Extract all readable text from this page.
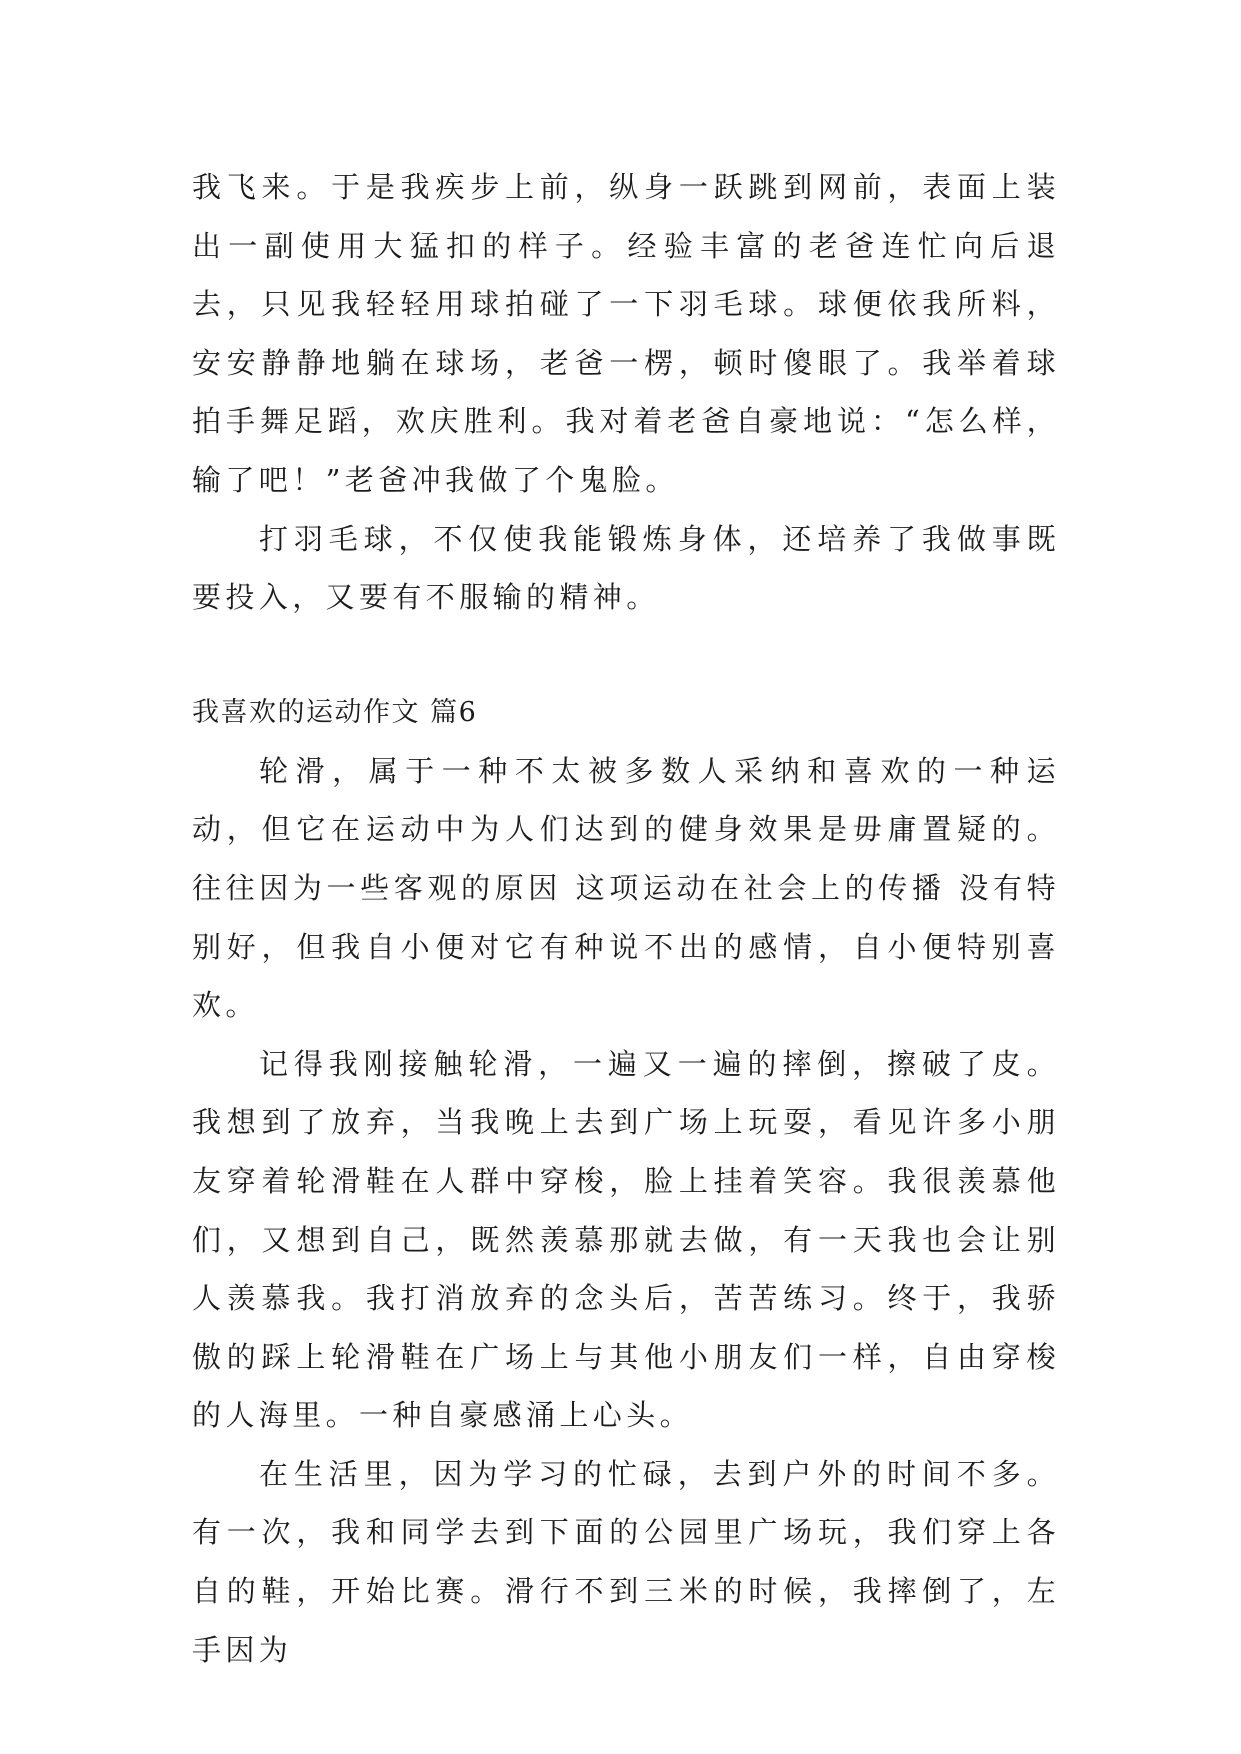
我飞来。于是我疾步上前，纵身一跃跳到网前，表面上装出一副使用大猛扣的样子。经验丰富的老爸连忙向后退去，只见我轻轻用球拍碰了一下羽毛球。球便依我所料，安安静静地躺在球场，老爸一楞，顿时傻眼了。我举着球拍手舞足蹈，欢庆胜利。我对着老爸自豪地说：“怎么样，输了吧！”老爸冲我做了个鬼脸。

打羽毛球，不仅使我能锻炼身体，还培养了我做事既要投入，又要有不服输的精神。

我喜欢的运动作文 篇6

轮滑，属于一种不太被多数人采纳和喜欢的一种运动，但它在运动中为人们达到的健身效果是毋庸置疑的。往往因为一些客观的原因 这项运动在社会上的传播 没有特别好，但我自小便对它有种说不出的感情，自小便特别喜欢。

记得我刚接触轮滑，一遍又一遍的摔倒，擦破了皮。我想到了放弃，当我晚上去到广场上玩耍，看见许多小朋友穿着轮滑鞋在人群中穿梭，脸上挂着笑容。我很羡慕他们，又想到自己，既然羡慕那就去做，有一天我也会让别人羡慕我。我打消放弃的念头后，苦苦练习。终于，我骄傲的踩上轮滑鞋在广场上与其他小朋友们一样，自由穿梭的人海里。一种自豪感涌上心头。

在生活里，因为学习的忙碌，去到户外的时间不多。有一次，我和同学去到下面的公园里广场玩，我们穿上各自的鞋，开始比赛。滑行不到三米的时候，我摔倒了，左手因为
